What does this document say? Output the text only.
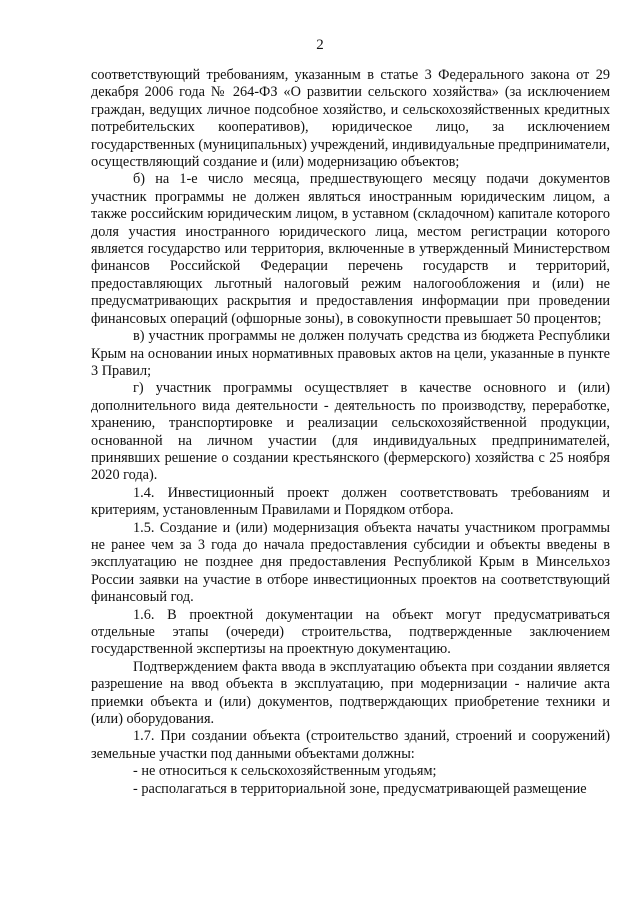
2

соответствующий требованиям, указанным в статье 3 Федерального закона от 29 декабря 2006 года № 264-ФЗ «О развитии сельского хозяйства» (за исключением граждан, ведущих личное подсобное хозяйство, и сельскохозяйственных кредитных потребительских кооперативов), юридическое лицо, за исключением государственных (муниципальных) учреждений, индивидуальные предприниматели, осуществляющий создание и (или) модернизацию объектов;

б) на 1-е число месяца, предшествующего месяцу подачи документов участник программы не должен являться иностранным юридическим лицом, а также российским юридическим лицом, в уставном (складочном) капитале которого доля участия иностранного юридического лица, местом регистрации которого является государство или территория, включенные в утвержденный Министерством финансов Российской Федерации перечень государств и территорий, предоставляющих льготный налоговый режим налогообложения и (или) не предусматривающих раскрытия и предоставления информации при проведении финансовых операций (офшорные зоны), в совокупности превышает 50 процентов;

в) участник программы не должен получать средства из бюджета Республики Крым на основании иных нормативных правовых актов на цели, указанные в пункте 3 Правил;

г) участник программы осуществляет в качестве основного и (или) дополнительного вида деятельности - деятельность по производству, переработке, хранению, транспортировке и реализации сельскохозяйственной продукции, основанной на личном участии (для индивидуальных предпринимателей, принявших решение о создании крестьянского (фермерского) хозяйства с 25 ноября 2020 года).

1.4. Инвестиционный проект должен соответствовать требованиям и критериям, установленным Правилами и Порядком отбора.

1.5. Создание и (или) модернизация объекта начаты участником программы не ранее чем за 3 года до начала предоставления субсидии и объекты введены в эксплуатацию не позднее дня предоставления Республикой Крым в Минсельхоз России заявки на участие в отборе инвестиционных проектов на соответствующий финансовый год.

1.6. В проектной документации на объект могут предусматриваться отдельные этапы (очереди) строительства, подтвержденные заключением государственной экспертизы на проектную документацию.

Подтверждением факта ввода в эксплуатацию объекта при создании является разрешение на ввод объекта в эксплуатацию, при модернизации - наличие акта приемки объекта и (или) документов, подтверждающих приобретение техники и (или) оборудования.

1.7. При создании объекта (строительство зданий, строений и сооружений) земельные участки под данными объектами должны:

- не относиться к сельскохозяйственным угодьям;

- располагаться в территориальной зоне, предусматривающей размещение
